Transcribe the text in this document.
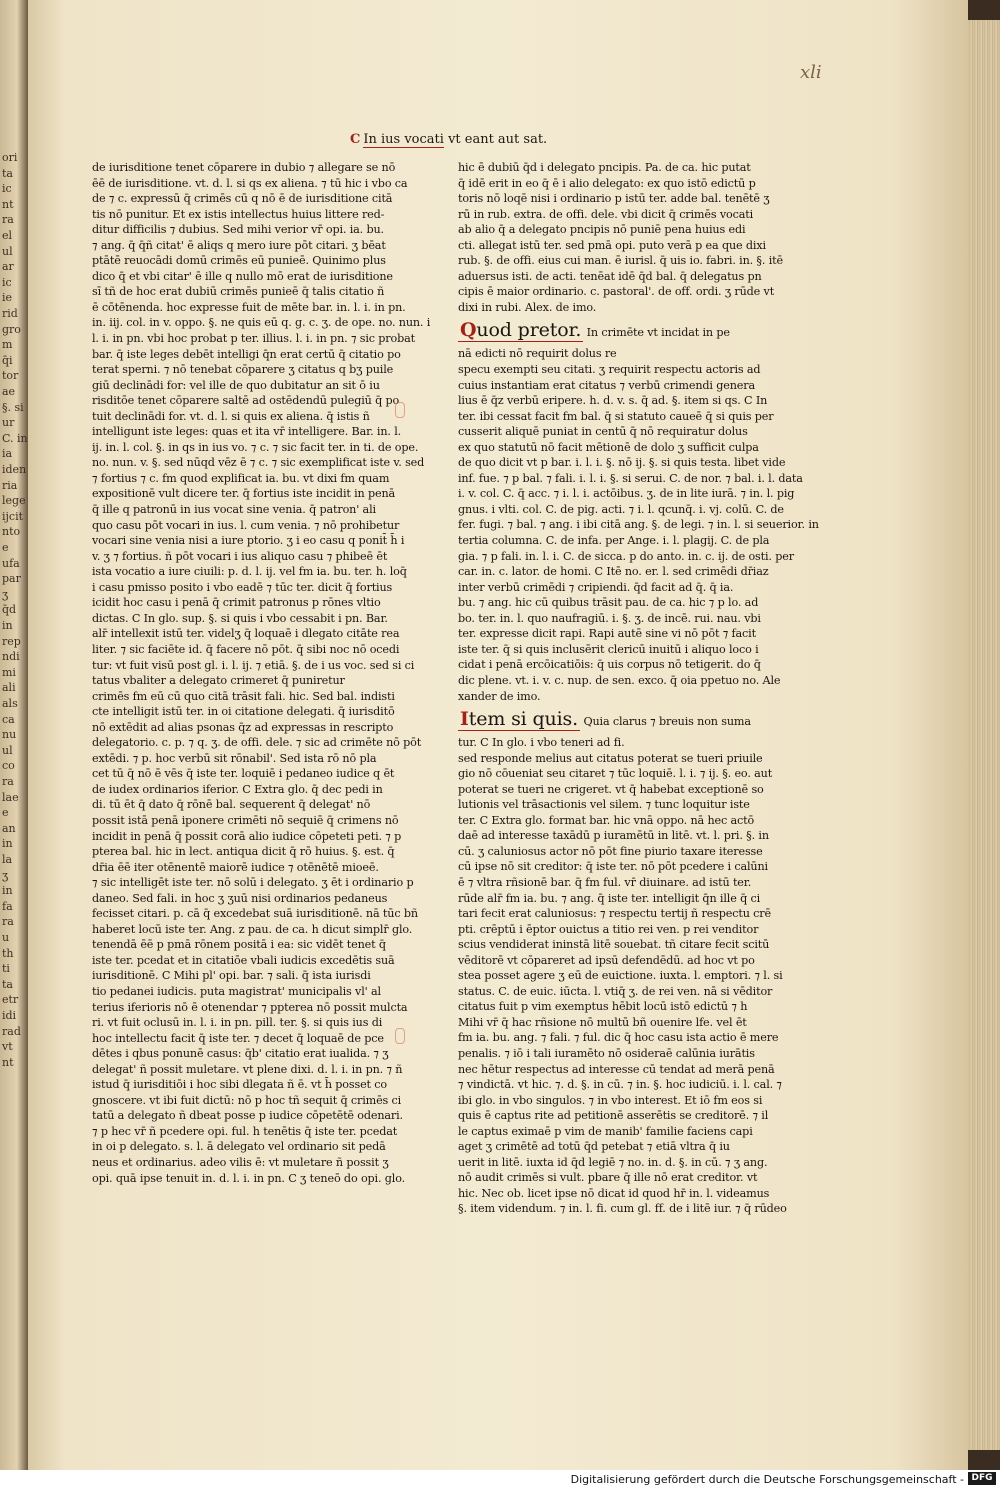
ori
ta
ic
nt
ra
el
ul
ar
ic
ie
rid
gro
m
q̄i
tor
ae
§. si
ur
C. in
ia
iden
ria
lege
ijcit
nto
e
ufa
par
ʒ
q̄d
in
rep
ndi
mi
ali
als
ca
nu
ul
co
ra
lae
e
an
in
la
ʒ
in
fa
ra
u
th
ti
ta
etr
idi
rad
vt
nt
xli
C In ius vocati vt eant aut sat.
de iurisditione tenet cōparere in dubio ⁊ allegare se nō
ēē de iurisditione. vt. d. l. si qs ex aliena. ⁊ tū hic i vbo ca
de ⁊ c. expressū q̄ crimēs cū q nō ē de iurisditione citā
tis nō punitur. Et ex istis intellectus huius littere red-
ditur difficilis ⁊ dubius. Sed mihi verior vr̄ opi. ia. bu.
⁊ ang. q̄ q̄ñ citat' ē aliqs q mero iure pōt citari. ʒ bēat
ptātē reuocādi domū crimēs eū punieē. Quinimo plus
dico q̄ et vbi citar' ē ille q nullo mō erat de iurisditione
sī tñ de hoc erat dubiū crimēs punieē q̄ talis citatio ñ
ē cōtēnenda. hoc expresse fuit de mēte bar. in. l. i. in pn.
in. iij. col. in v. oppo. §. ne quis eū q. g. c. ʒ. de ope. no. nun. i
l. i. in pn. vbi hoc probat p ter. illius. l. i. in pn. ⁊ sic probat
bar. q̄ iste leges debēt intelligi q̄n erat certū q̄ citatio po
terat sperni. ⁊ nō tenebat cōparere ʒ citatus q bʒ puile
giū declinādi for: vel ille de quo dubitatur an sit ō iu
risditōe tenet cōparere saltē ad ostēdendū pulegiū q̄ po
tuit declinādi for. vt. d. l. si quis ex aliena. q̄ istis ñ
intelligunt iste leges: quas et ita vr̄ intelligere. Bar. in. l.
ij. in. l. col. §. in qs in ius vo. ⁊ c. ⁊ sic facit ter. in ti. de ope.
no. nun. v. §. sed nūqd vēz ē ⁊ c. ⁊ sic exemplificat iste v. sed
⁊ fortius ⁊ c. fm quod explificat ia. bu. vt dixi fm quam
expositionē vult dicere ter. q̄ fortius iste incidit in penā
q̄ ille q patronū in ius vocat sine venia. q̄ patron' ali
quo casu pōt vocari in ius. l. cum venia. ⁊ nō prohibetur
vocari sine venia nisi a iure ptorio. ʒ i eo casu q ponit̄ h̄ i
v. ʒ ⁊ fortius. ñ pōt vocari i ius aliquo casu ⁊ phibeē ēt
ista vocatio a iure ciuili: p. d. l. ij. vel fm ia. bu. ter. h. loq̄
i casu pmisso posito i vbo eadē ⁊ tūc ter. dicit q̄ fortius
icidit hoc casu i penā q̄ crimit patronus p rōnes vltio
dictas. C In glo. sup. §. si quis i vbo cessabit i pn. Bar.
alr̄ intellexit istū ter. videlʒ q̄ loquaē i dlegato citāte rea
liter. ⁊ sic faciēte id. q̄ facere nō pōt. q̄ sibi noc nō ocedi
tur: vt fuit visū post gl. i. l. ij. ⁊ etiā. §. de i us voc. sed si ci
tatus vbaliter a delegato crimeret q̄ puniretur
crimēs fm eū cū quo citā trāsit fali. hic. Sed bal. indisti
cte intelligit istū ter. in oi citatione delegati. q̄ iurisditō
nō extēdit ad alias psonas q̄z ad expressas in rescripto
delegatorio. c. p. ⁊ q. ʒ. de offi. dele. ⁊ sic ad crimēte nō pōt
extēdi. ⁊ p. hoc verbū sit rōnabil'. Sed ista rō nō pla
cet tū q̄ nō ē vēs q̄ iste ter. loquiē i pedaneo iudice q ēt
de iudex ordinarios iferior. C Extra glo. q̄ dec pedi in
di. tū ēt q̄ dato q̄ rōnē bal. sequerent q̄ delegat' nō
possit istā penā iponere crimēti nō sequiē q̄ crimens nō
incidit in penā q̄ possit corā alio iudice cōpeteti peti. ⁊ p
pterea bal. hic in lect. antiqua dicit q̄ rō huius. §. est. q̄
dr̄ia ēē iter otēnentē maiorē iudice ⁊ otēnētē mioeē.
⁊ sic intelligēt iste ter. nō solū i delegato. ʒ ēt i ordinario p
daneo. Sed fali. in hoc ʒ ʒuū nisi ordinarios pedaneus
fecisset citari. p. cā q̄ excedebat suā iurisditionē. nā tūc bñ
haberet locū iste ter. Ang. z pau. de ca. h dicut simplr̄ glo.
tenendā ēē p pmā rōnem positā i ea: sic vidēt tenet q̄
iste ter. pcedat et in citatiōe vbali iudicis excedētis suā
iurisditionē. C Mihi pl' opi. bar. ⁊ sali. q̄ ista iurisdi
tio pedanei iudicis. puta magistrat' municipalis vl' al
terius iferioris nō ē otenendar ⁊ ppterea nō possit mulcta
ri. vt fuit oclusū in. l. i. in pn. pill. ter. §. si quis ius di
hoc intellectu facit q̄ iste ter. ⁊ decet q̄ loquaē de pce
dētes i qbus ponunē casus: q̄b' citatio erat iualida. ⁊ ʒ
delegat' ñ possit muletare. vt plene dixi. d. l. i. in pn. ⁊ ñ
istud q̄ iurisditiōi i hoc sibi dlegata ñ ē. vt h̄ posset co
gnoscere. vt ibi fuit dictū: nō p hoc tñ sequit q̄ crimēs ci
tatū a delegato ñ dbeat posse p iudice cōpetētē odenari.
⁊ p hec vr̄ ñ pcedere opi. ful. h tenētis q̄ iste ter. pcedat
in oi p delegato. s. l. ā delegato vel ordinario sit pedā
neus et ordinarius. adeo vilis ē: vt muletare ñ possit ʒ
opi. quā ipse tenuit in. d. l. i. in pn. C ʒ teneō do opi. glo.
hic ē dubiū q̄d i delegato pncipis. Pa. de ca. hic putat
q̄ idē erit in eo q̄ ē i alio delegato: ex quo istō edictū p
toris nō loqē nisi i ordinario p istū ter. adde bal. tenētē ʒ
rū in rub. extra. de offi. dele. vbi dicit q̄ crimēs vocati
ab alio q̄ a delegato pncipis nō puniē pena huius edi
cti. allegat istū ter. sed pmā opi. puto verā p ea que dixi
rub. §. de offi. eius cui man. ē iurisl. q̄ uis io. fabri. in. §. itē
aduersus isti. de acti. tenēat idē q̄d bal. q̄ delegatus pn
cipis ē maior ordinario. c. pastoral'. de off. ordi. ʒ rūde vt
dixi in rubi. Alex. de imo.
Quod pretor. In crimēte vt incidat in pe
nā edicti nō requirit dolus re
specu exempti seu citati. ʒ requirit respectu actoris ad
cuius instantiam erat citatus ⁊ verbū crimendi genera
lius ē q̄z verbū eripere. h. d. v. s. q̄ ad. §. item si qs. C In
ter. ibi cessat facit fm bal. q̄ si statuto caueē q̄ si quis per
cusserit aliquē puniat in centū q̄ nō requiratur dolus
ex quo statutū nō facit mētionē de dolo ʒ sufficit culpa
de quo dicit vt p bar. i. l. i. §. nō ij. §. si quis testa. libet vide
inf. fue. ⁊ p bal. ⁊ fali. i. l. i. §. si serui. C. de nor. ⁊ bal. i. l. data
i. v. col. C. q̄ acc. ⁊ i. l. i. actōibus. ʒ. de in lite iurā. ⁊ in. l. pig
gnus. i vlti. col. C. de pig. acti. ⁊ i. l. qcunq̄. i. vj. colū. C. de
fer. fugi. ⁊ bal. ⁊ ang. i ibi citā ang. §. de legi. ⁊ in. l. si seuerior. in
tertia columna. C. de infa. per Ange. i. l. plagij. C. de pla
gia. ⁊ p fali. in. l. i. C. de sicca. p do anto. in. c. ij. de osti. per
car. in. c. lator. de homi. C Itē no. er. l. sed crimēdi dr̄iaz
inter verbū crimēdi ⁊ cripiendi. q̄d facit ad q̄. q̄ ia.
bu. ⁊ ang. hic cū quibus trāsit pau. de ca. hic ⁊ p lo. ad
bo. ter. in. l. quo naufragiū. i. §. ʒ. de incē. rui. nau. vbi
ter. expresse dicit rapi. Rapi autē sine vi nō pōt ⁊ facit
iste ter. q̄ si quis inclusērit clericū inuitū i aliquo loco i
cidat i penā ercōicatiōis: q̄ uis corpus nō tetigerit. do q̄
dic plene. vt. i. v. c. nup. de sen. exco. q̄ oia ppetuo no. Ale
xander de imo.
Item si quis. Quia clarus ⁊ breuis non suma
tur. C In glo. i vbo teneri ad fi.
sed responde melius aut citatus poterat se tueri priuile
gio nō cōueniat seu citaret ⁊ tūc loquiē. l. i. ⁊ ij. §. eo. aut
poterat se tueri ne crigeret. vt q̄ habebat exceptionē so
lutionis vel trāsactionis vel silem. ⁊ tunc loquitur iste
ter. C Extra glo. format bar. hic vnā oppo. nā hec actō
daē ad interesse taxādū p iuramētū in litē. vt. l. pri. §. in
cū. ʒ caluniosus actor nō pōt fine piurio taxare iteresse
cū ipse nō sit creditor: q̄ iste ter. nō pōt pcedere i calūni
ē ⁊ vltra rñsionē bar. q̄ fm ful. vr̄ diuinare. ad istū ter.
rūde alr̄ fm ia. bu. ⁊ ang. q̄ iste ter. intelligit q̄n ille q̄ ci
tari fecit erat caluniosus: ⁊ respectu tertij ñ respectu crē
pti. crēptū i ēptor ouictus a titio rei ven. p rei venditor
scius vendiderat ininstā litē souebat. tñ citare fecit scitū
vēditorē vt cōpareret ad ipsū defendēdū. ad hoc vt po
stea posset agere ʒ eū de euictione. iuxta. l. emptori. ⁊ l. si
status. C. de euic. iūcta. l. vtiq̄ ʒ. de rei ven. nā si vēditor
citatus fuit p vim exemptus hēbit locū istō edictū ⁊ h
Mihi vr̄ q̄ hac rñsione nō multū bñ ouenire lfe. vel ēt
fm ia. bu. ang. ⁊ fali. ⁊ ful. dic q̄ hoc casu ista actio ē mere
penalis. ⁊ iō i tali iuramēto nō osideraē calūnia iurātis
nec hētur respectus ad interesse cū tendat ad merā penā
⁊ vindictā. vt hic. ⁊. d. §. in cū. ⁊ in. §. hoc iudiciū. i. l. cal. ⁊
ibi glo. in vbo singulos. ⁊ in vbo interest. Et iō fm eos si
quis ē captus rite ad petitionē asserētis se creditorē. ⁊ il
le captus eximaē p vim de manib' familie faciens capi
aget ʒ crimētē ad totū q̄d petebat ⁊ etiā vltra q̄ iu
uerit in litē. iuxta id q̄d legiē ⁊ no. in. d. §. in cū. ⁊ ʒ ang.
nō audit crimēs si vult. pbare q̄ ille nō erat creditor. vt
hic. Nec ob. licet ipse nō dicat id quod hr̄ in. l. videamus
§. item videndum. ⁊ in. l. fi. cum gl. ff. de i litē iur. ⁊ q̄ rūdeo
Digitalisierung gefördert durch die Deutsche Forschungsgemeinschaft - DFG
